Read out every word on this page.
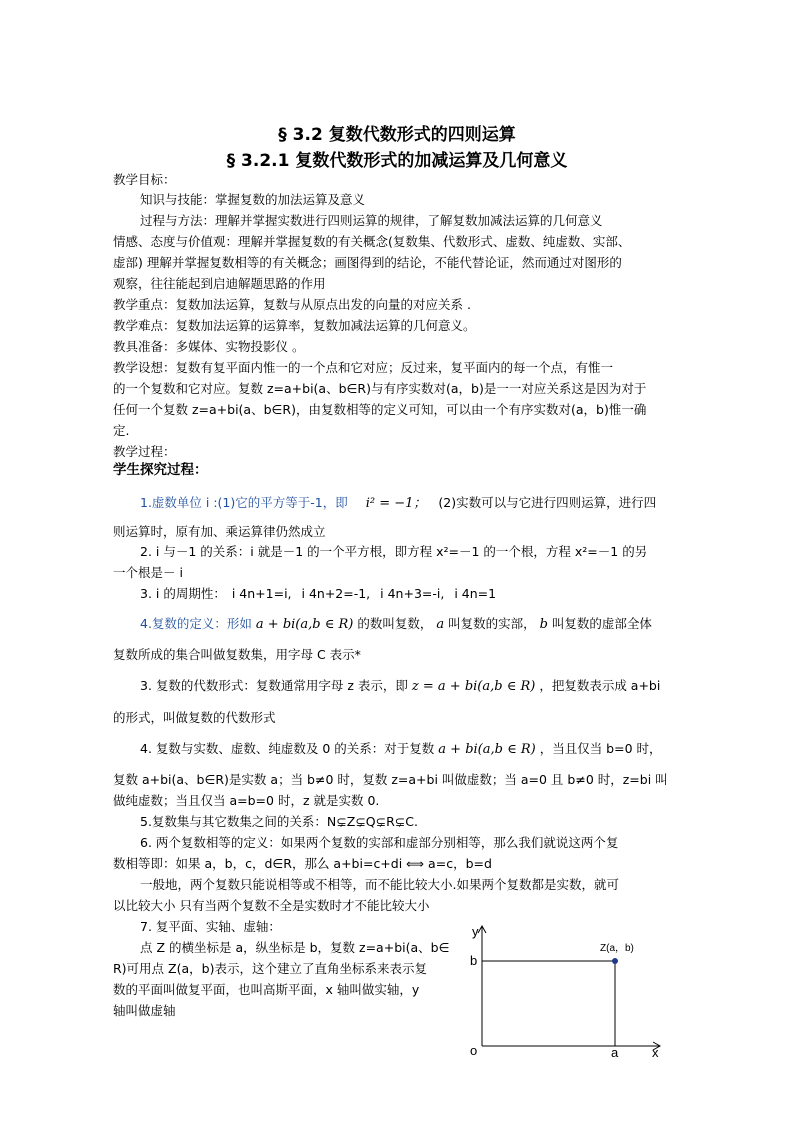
§ 3.2 复数代数形式的四则运算
§ 3.2.1 复数代数形式的加减运算及几何意义
教学目标：
知识与技能：掌握复数的加法运算及意义
过程与方法：理解并掌握实数进行四则运算的规律，了解复数加减法运算的几何意义
情感、态度与价值观：理解并掌握复数的有关概念(复数集、代数形式、虚数、纯虚数、实部、
虚部) 理解并掌握复数相等的有关概念；画图得到的结论，不能代替论证，然而通过对图形的
观察，往往能起到启迪解题思路的作用
教学重点：复数加法运算，复数与从原点出发的向量的对应关系 .
教学难点：复数加法运算的运算率，复数加减法运算的几何意义。
教具准备：多媒体、实物投影仪 。
教学设想：复数有复平面内惟一的一个点和它对应；反过来，复平面内的每一个点，有惟一
的一个复数和它对应。复数 z=a+bi(a、b∈R)与有序实数对(a，b)是一一对应关系这是因为对于
任何一个复数 z=a+bi(a、b∈R)，由复数相等的定义可知，可以由一个有序实数对(a，b)惟一确
定.
教学过程：
学生探究过程：
1.虚数单位 i :(1)它的平方等于-1，即 i² = −1； (2)实数可以与它进行四则运算，进行四
则运算时，原有加、乘运算律仍然成立
2. i 与－1 的关系：i 就是－1 的一个平方根，即方程 x²=－1 的一个根，方程 x²=－1 的另
一个根是－ i
3. i 的周期性： i 4n+1=i, i 4n+2=-1, i 4n+3=-i, i 4n=1
4.复数的定义：形如 a + bi(a,b ∈ R) 的数叫复数， a 叫复数的实部， b 叫复数的虚部全体
复数所成的集合叫做复数集，用字母 C 表示*
3. 复数的代数形式：复数通常用字母 z 表示，即 z = a + bi(a,b ∈ R) ，把复数表示成 a+bi
的形式，叫做复数的代数形式
4. 复数与实数、虚数、纯虚数及 0 的关系：对于复数 a + bi(a,b ∈ R) ，当且仅当 b=0 时，
复数 a+bi(a、b∈R)是实数 a；当 b≠0 时，复数 z=a+bi 叫做虚数；当 a=0 且 b≠0 时，z=bi 叫
做纯虚数；当且仅当 a=b=0 时，z 就是实数 0.
5.复数集与其它数集之间的关系：N⊊Z⊊Q⊊R⊊C.
6. 两个复数相等的定义：如果两个复数的实部和虚部分别相等，那么我们就说这两个复
数相等即：如果 a，b，c，d∈R，那么 a+bi=c+di ⟺ a=c，b=d
一般地，两个复数只能说相等或不相等，而不能比较大小.如果两个复数都是实数，就可
以比较大小 只有当两个复数不全是实数时才不能比较大小
7. 复平面、实轴、虚轴：
点 Z 的横坐标是 a，纵坐标是 b，复数 z=a+bi(a、b∈
R)可用点 Z(a，b)表示，这个建立了直角坐标系来表示复
数的平面叫做复平面，也叫高斯平面，x 轴叫做实轴，y
轴叫做虚轴
y
b
o	a	x
Z(a，b)
